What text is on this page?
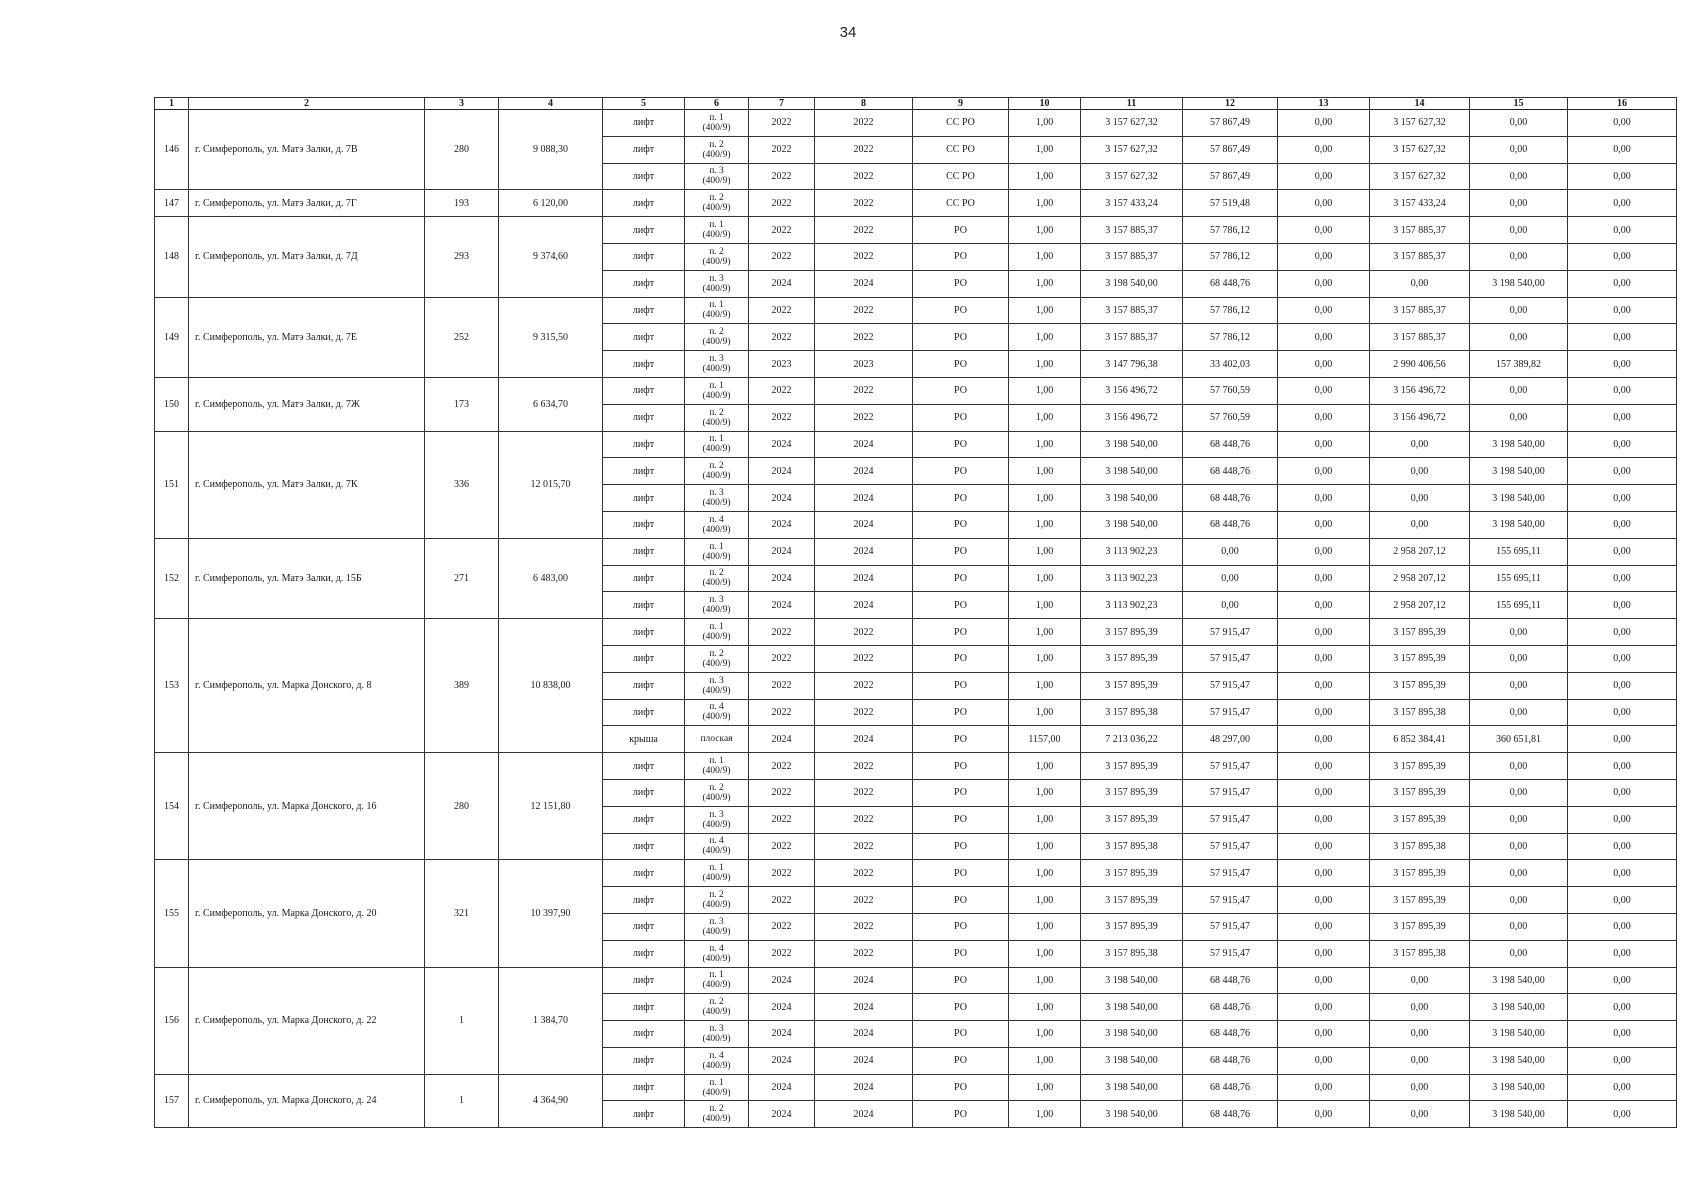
34
1	2	3	4	5	6	7	8	9	10	11	12	13	14	15	16
146	г. Симферополь, ул. Матэ Залки, д. 7В	280	9 088,30	лифт	п. 1
(400/9)	2022	2022	СС РО	1,00	3 157 627,32	57 867,49	0,00	3 157 627,32	0,00	0,00
				лифт	п. 2
(400/9)	2022	2022	СС РО	1,00	3 157 627,32	57 867,49	0,00	3 157 627,32	0,00	0,00
				лифт	п. 3
(400/9)	2022	2022	СС РО	1,00	3 157 627,32	57 867,49	0,00	3 157 627,32	0,00	0,00
147	г. Симферополь, ул. Матэ Залки, д. 7Г	193	6 120,00	лифт	п. 2
(400/9)	2022	2022	СС РО	1,00	3 157 433,24	57 519,48	0,00	3 157 433,24	0,00	0,00
148	г. Симферополь, ул. Матэ Залки, д. 7Д	293	9 374,60	лифт	п. 1
(400/9)	2022	2022	РО	1,00	3 157 885,37	57 786,12	0,00	3 157 885,37	0,00	0,00
				лифт	п. 2
(400/9)	2022	2022	РО	1,00	3 157 885,37	57 786,12	0,00	3 157 885,37	0,00	0,00
				лифт	п. 3
(400/9)	2024	2024	РО	1,00	3 198 540,00	68 448,76	0,00	0,00	3 198 540,00	0,00
149	г. Симферополь, ул. Матэ Залки, д. 7Е	252	9 315,50	лифт	п. 1
(400/9)	2022	2022	РО	1,00	3 157 885,37	57 786,12	0,00	3 157 885,37	0,00	0,00
				лифт	п. 2
(400/9)	2022	2022	РО	1,00	3 157 885,37	57 786,12	0,00	3 157 885,37	0,00	0,00
				лифт	п. 3
(400/9)	2023	2023	РО	1,00	3 147 796,38	33 402,03	0,00	2 990 406,56	157 389,82	0,00
150	г. Симферополь, ул. Матэ Залки, д. 7Ж	173	6 634,70	лифт	п. 1
(400/9)	2022	2022	РО	1,00	3 156 496,72	57 760,59	0,00	3 156 496,72	0,00	0,00
				лифт	п. 2
(400/9)	2022	2022	РО	1,00	3 156 496,72	57 760,59	0,00	3 156 496,72	0,00	0,00
151	г. Симферополь, ул. Матэ Залки, д. 7К	336	12 015,70	лифт	п. 1
(400/9)	2024	2024	РО	1,00	3 198 540,00	68 448,76	0,00	0,00	3 198 540,00	0,00
				лифт	п. 2
(400/9)	2024	2024	РО	1,00	3 198 540,00	68 448,76	0,00	0,00	3 198 540,00	0,00
				лифт	п. 3
(400/9)	2024	2024	РО	1,00	3 198 540,00	68 448,76	0,00	0,00	3 198 540,00	0,00
				лифт	п. 4
(400/9)	2024	2024	РО	1,00	3 198 540,00	68 448,76	0,00	0,00	3 198 540,00	0,00
152	г. Симферополь, ул. Матэ Залки, д. 15Б	271	6 483,00	лифт	п. 1
(400/9)	2024	2024	РО	1,00	3 113 902,23	0,00	0,00	2 958 207,12	155 695,11	0,00
				лифт	п. 2
(400/9)	2024	2024	РО	1,00	3 113 902,23	0,00	0,00	2 958 207,12	155 695,11	0,00
				лифт	п. 3
(400/9)	2024	2024	РО	1,00	3 113 902,23	0,00	0,00	2 958 207,12	155 695,11	0,00
153	г. Симферополь, ул. Марка Донского, д. 8	389	10 838,00	лифт	п. 1
(400/9)	2022	2022	РО	1,00	3 157 895,39	57 915,47	0,00	3 157 895,39	0,00	0,00
				лифт	п. 2
(400/9)	2022	2022	РО	1,00	3 157 895,39	57 915,47	0,00	3 157 895,39	0,00	0,00
				лифт	п. 3
(400/9)	2022	2022	РО	1,00	3 157 895,39	57 915,47	0,00	3 157 895,39	0,00	0,00
				лифт	п. 4
(400/9)	2022	2022	РО	1,00	3 157 895,38	57 915,47	0,00	3 157 895,38	0,00	0,00
				крыша	плоская	2024	2024	РО	1157,00	7 213 036,22	48 297,00	0,00	6 852 384,41	360 651,81	0,00
154	г. Симферополь, ул. Марка Донского, д. 16	280	12 151,80	лифт	п. 1
(400/9)	2022	2022	РО	1,00	3 157 895,39	57 915,47	0,00	3 157 895,39	0,00	0,00
				лифт	п. 2
(400/9)	2022	2022	РО	1,00	3 157 895,39	57 915,47	0,00	3 157 895,39	0,00	0,00
				лифт	п. 3
(400/9)	2022	2022	РО	1,00	3 157 895,39	57 915,47	0,00	3 157 895,39	0,00	0,00
				лифт	п. 4
(400/9)	2022	2022	РО	1,00	3 157 895,38	57 915,47	0,00	3 157 895,38	0,00	0,00
155	г. Симферополь, ул. Марка Донского, д. 20	321	10 397,90	лифт	п. 1
(400/9)	2022	2022	РО	1,00	3 157 895,39	57 915,47	0,00	3 157 895,39	0,00	0,00
				лифт	п. 2
(400/9)	2022	2022	РО	1,00	3 157 895,39	57 915,47	0,00	3 157 895,39	0,00	0,00
				лифт	п. 3
(400/9)	2022	2022	РО	1,00	3 157 895,39	57 915,47	0,00	3 157 895,39	0,00	0,00
				лифт	п. 4
(400/9)	2022	2022	РО	1,00	3 157 895,38	57 915,47	0,00	3 157 895,38	0,00	0,00
156	г. Симферополь, ул. Марка Донского, д. 22	1	1 384,70	лифт	п. 1
(400/9)	2024	2024	РО	1,00	3 198 540,00	68 448,76	0,00	0,00	3 198 540,00	0,00
				лифт	п. 2
(400/9)	2024	2024	РО	1,00	3 198 540,00	68 448,76	0,00	0,00	3 198 540,00	0,00
				лифт	п. 3
(400/9)	2024	2024	РО	1,00	3 198 540,00	68 448,76	0,00	0,00	3 198 540,00	0,00
				лифт	п. 4
(400/9)	2024	2024	РО	1,00	3 198 540,00	68 448,76	0,00	0,00	3 198 540,00	0,00
157	г. Симферополь, ул. Марка Донского, д. 24	1	4 364,90	лифт	п. 1
(400/9)	2024	2024	РО	1,00	3 198 540,00	68 448,76	0,00	0,00	3 198 540,00	0,00
				лифт	п. 2
(400/9)	2024	2024	РО	1,00	3 198 540,00	68 448,76	0,00	0,00	3 198 540,00	0,00
